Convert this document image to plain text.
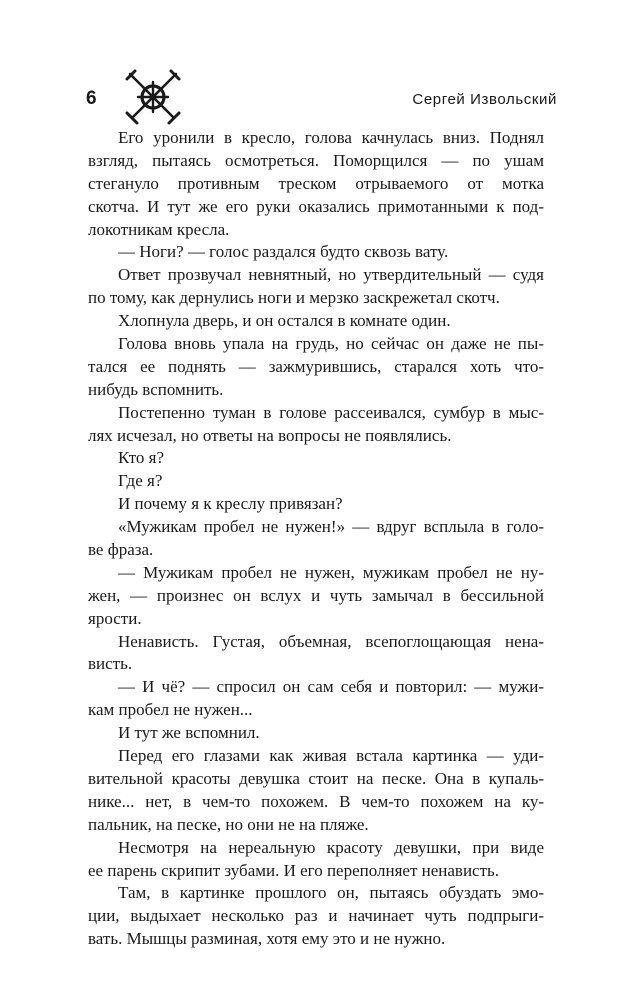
6	Сергей Извольский
Его уронили в кресло, голова качнулась вниз. Поднял
взгляд, пытаясь осмотреться. Поморщился — по ушам
стегануло противным треском отрываемого от мотка
скотча. И тут же его руки оказались примотанными к под-
локотникам кресла.
— Ноги? — голос раздался будто сквозь вату.
Ответ прозвучал невнятный, но утвердительный — судя
по тому, как дернулись ноги и мерзко заскрежетал скотч.
Хлопнула дверь, и он остался в комнате один.
Голова вновь упала на грудь, но сейчас он даже не пы-
тался ее поднять — зажмурившись, старался хоть что-
нибудь вспомнить.
Постепенно туман в голове рассеивался, сумбур в мыс-
лях исчезал, но ответы на вопросы не появлялись.
Кто я?
Где я?
И почему я к креслу привязан?
«Мужикам пробел не нужен!» — вдруг всплыла в голо-
ве фраза.
— Мужикам пробел не нужен, мужикам пробел не ну-
жен, — произнес он вслух и чуть замычал в бессильной
ярости.
Ненависть. Густая, объемная, всепоглощающая нена-
висть.
— И чё? — спросил он сам себя и повторил: — мужи-
кам пробел не нужен...
И тут же вспомнил.
Перед его глазами как живая встала картинка — уди-
вительной красоты девушка стоит на песке. Она в купаль-
нике... нет, в чем-то похожем. В чем-то похожем на ку-
пальник, на песке, но они не на пляже.
Несмотря на нереальную красоту девушки, при виде
ее парень скрипит зубами. И его переполняет ненависть.
Там, в картинке прошлого он, пытаясь обуздать эмо-
ции, выдыхает несколько раз и начинает чуть подпрыги-
вать. Мышцы разминая, хотя ему это и не нужно.
